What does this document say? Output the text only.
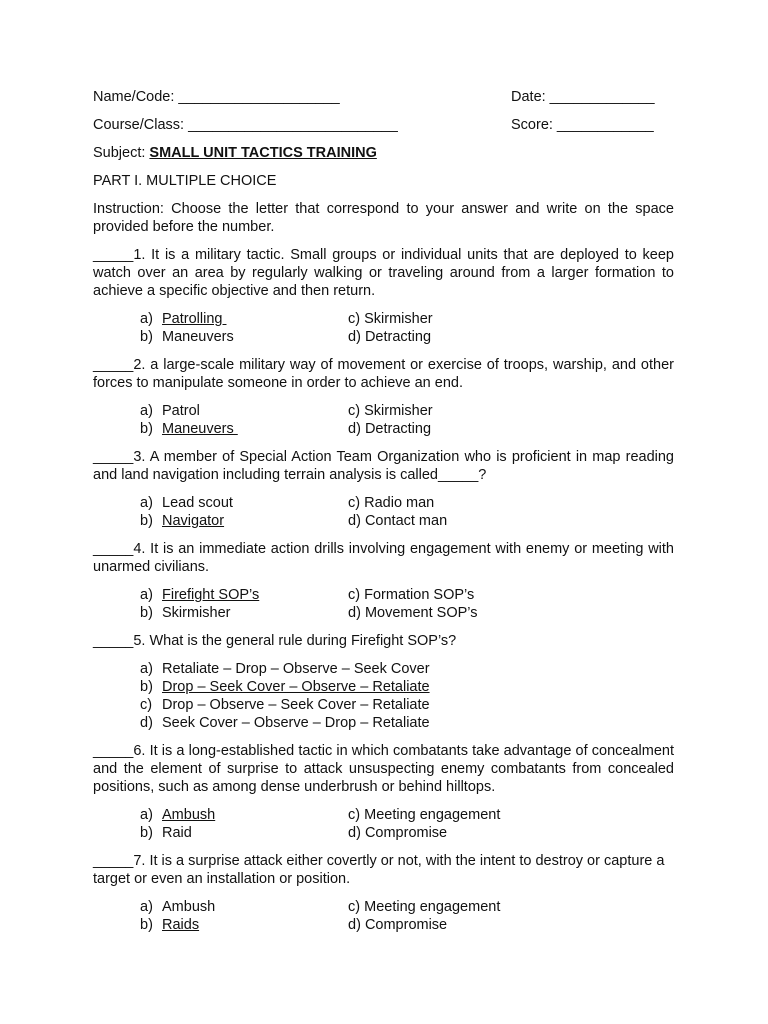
Name/Code: ____________________	Date: _____________
Course/Class: __________________________	Score: ____________
Subject: SMALL UNIT TACTICS TRAINING
PART I. MULTIPLE CHOICE

Instruction: Choose the letter that correspond to your answer and write on the space provided before the number.

_____1. It is a military tactic. Small groups or individual units that are deployed to keep watch over an area by regularly walking or traveling around from a larger formation to achieve a specific objective and then return.

a) Patrolling	c) Skirmisher
b) Maneuvers	d) Detracting

_____2. a large-scale military way of movement or exercise of troops, warship, and other forces to manipulate someone in order to achieve an end.

a) Patrol	c) Skirmisher
b) Maneuvers	d) Detracting

_____3. A member of Special Action Team Organization who is proficient in map reading and land navigation including terrain analysis is called_____?

a) Lead scout	c) Radio man
b) Navigator	d) Contact man

_____4. It is an immediate action drills involving engagement with enemy or meeting with unarmed civilians.

a) Firefight SOP’s	c) Formation SOP’s
b) Skirmisher	d) Movement SOP’s

_____5. What is the general rule during Firefight SOP’s?

a) Retaliate – Drop – Observe – Seek Cover
b) Drop – Seek Cover – Observe – Retaliate
c) Drop – Observe – Seek Cover – Retaliate
d) Seek Cover – Observe – Drop – Retaliate

_____6. It is a long-established tactic in which combatants take advantage of concealment and the element of surprise to attack unsuspecting enemy combatants from concealed positions, such as among dense underbrush or behind hilltops.

a) Ambush	c) Meeting engagement
b) Raid	d) Compromise

_____7. It is a surprise attack either covertly or not, with the intent to destroy or capture a target or even an installation or position.

a) Ambush	c) Meeting engagement
b) Raids	d) Compromise
